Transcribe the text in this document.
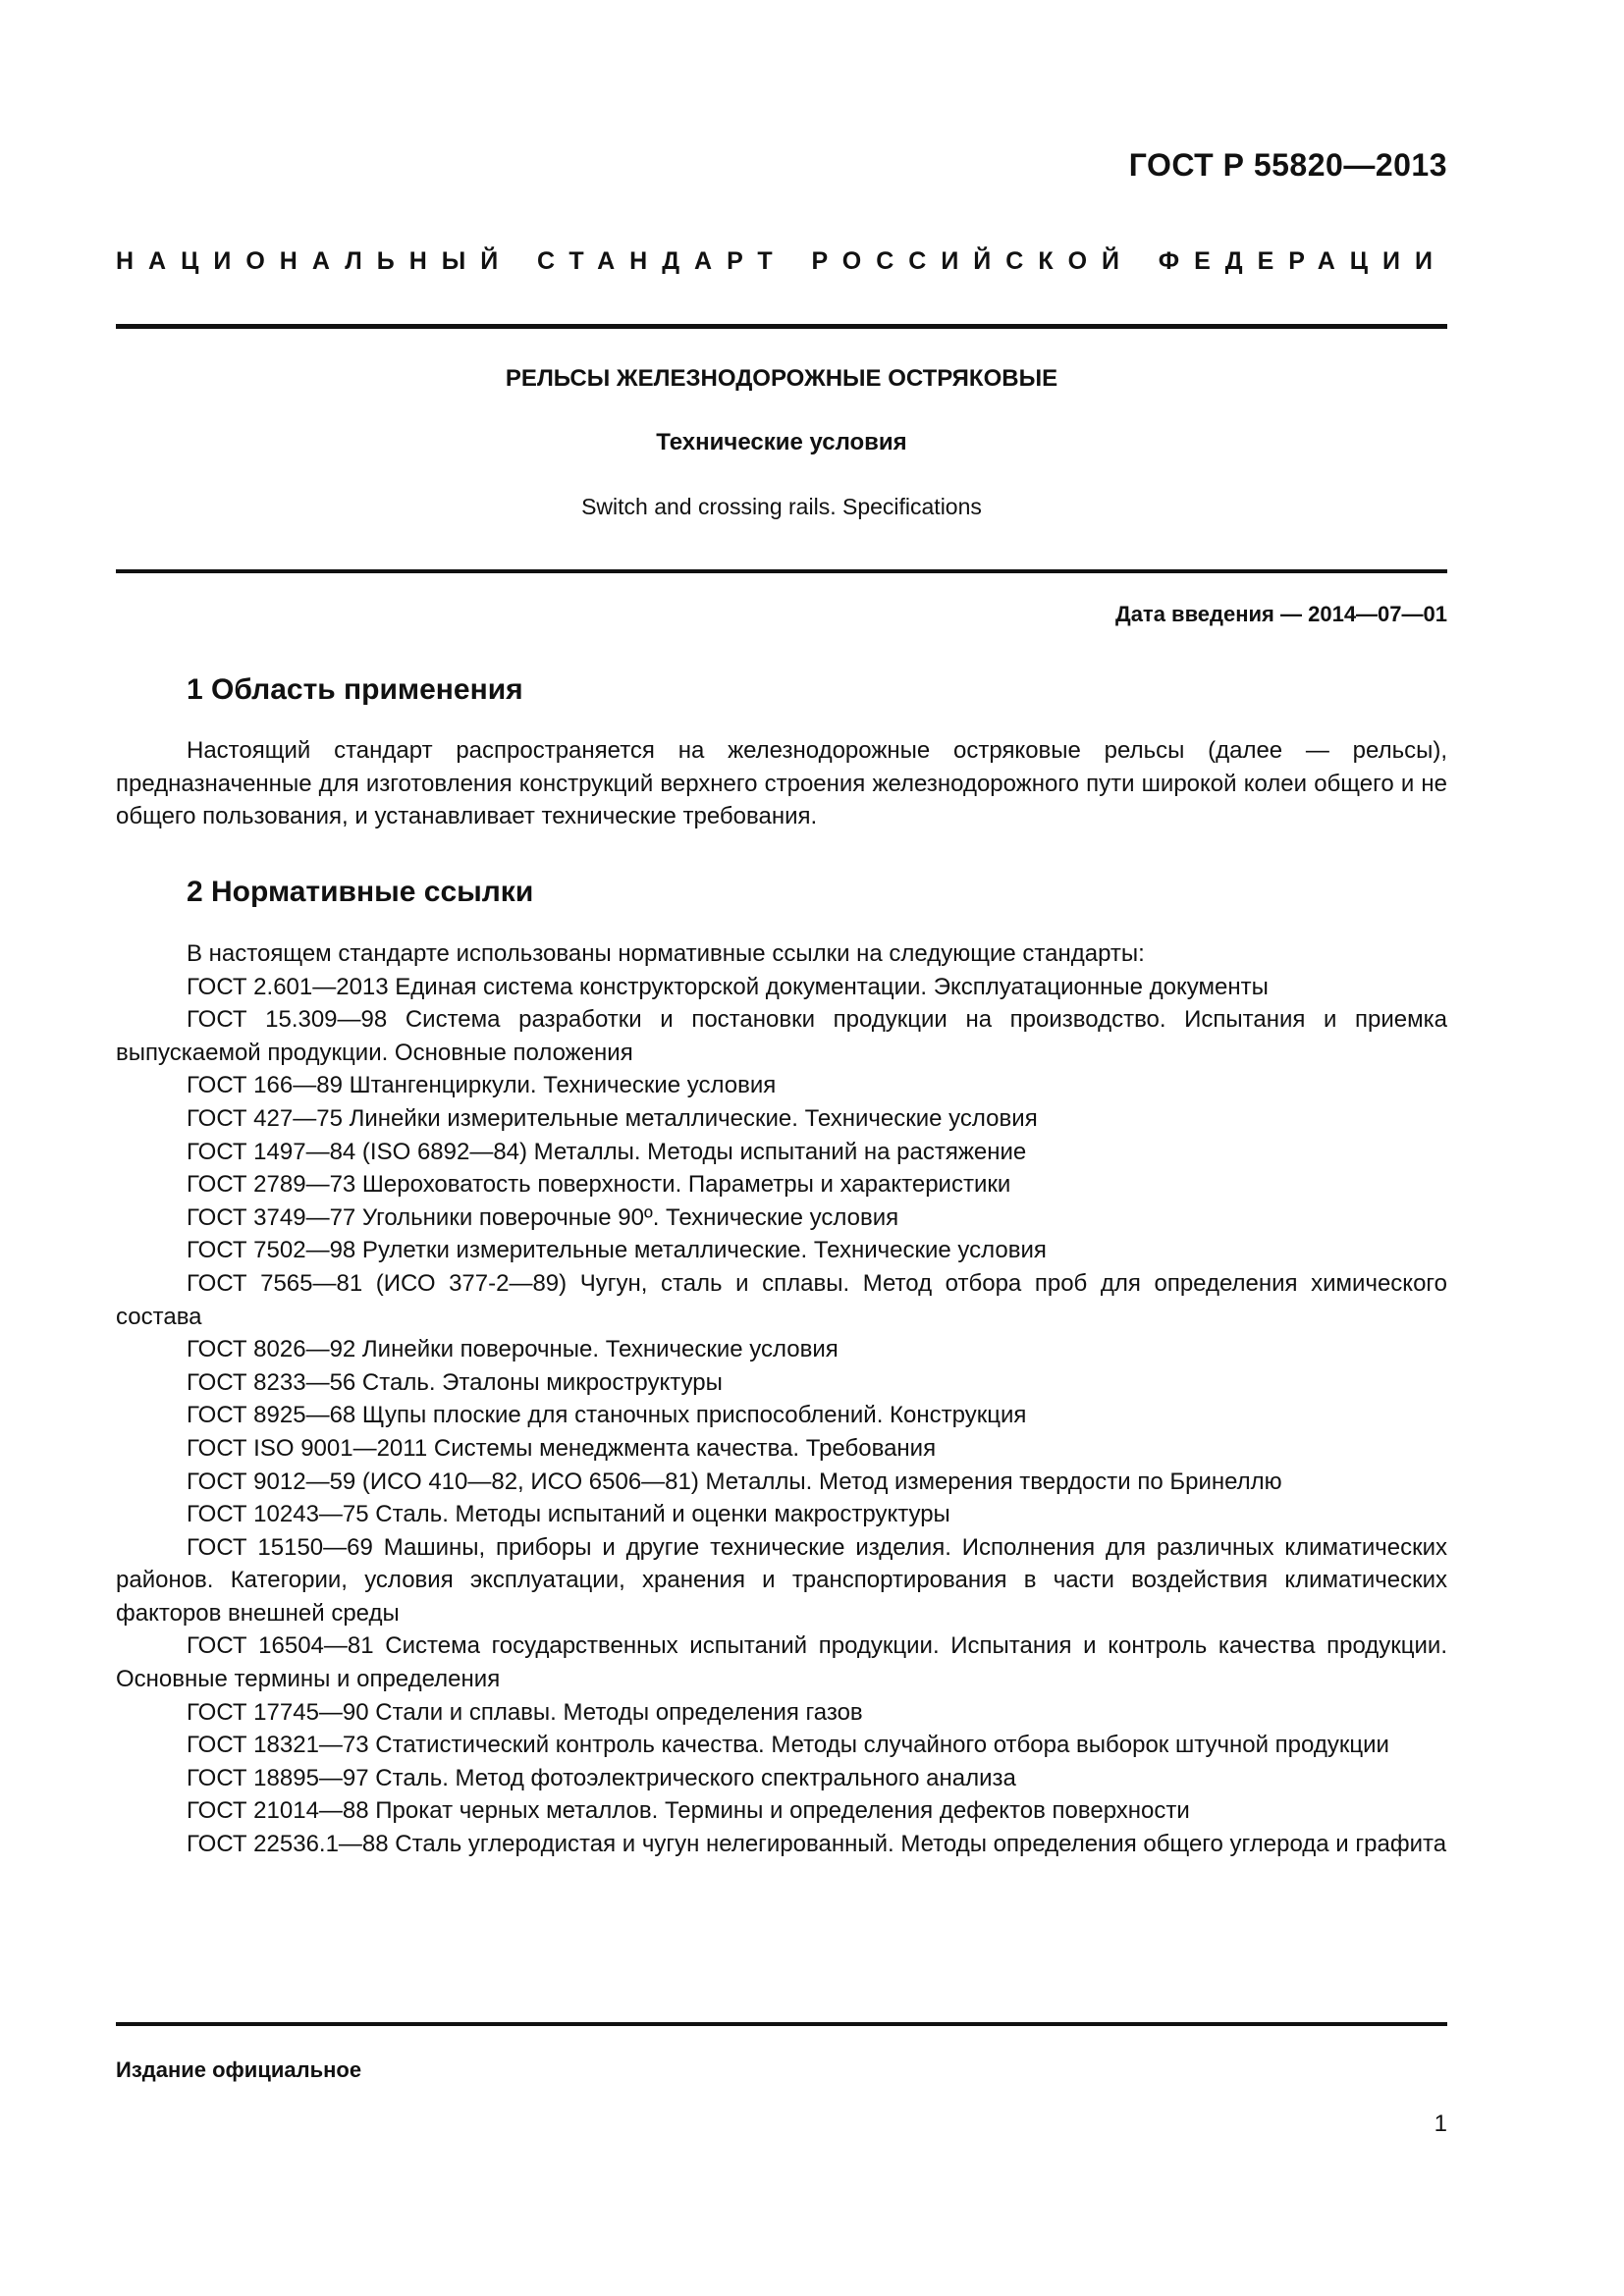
ГОСТ Р 55820—2013
НАЦИОНАЛЬНЫЙ СТАНДАРТ РОССИЙСКОЙ ФЕДЕРАЦИИ
РЕЛЬСЫ ЖЕЛЕЗНОДОРОЖНЫЕ ОСТРЯКОВЫЕ
Технические условия
Switch and crossing rails. Specifications
Дата введения — 2014—07—01
1 Область применения

Настоящий стандарт распространяется на железнодорожные остряковые рельсы (далее — рельсы), предназначенные для изготовления конструкций верхнего строения железнодорожного пути широкой колеи общего и не общего пользования, и устанавливает технические требования.

2 Нормативные ссылки

В настоящем стандарте использованы нормативные ссылки на следующие стандарты:

ГОСТ 2.601—2013 Единая система конструкторской документации. Эксплуатационные документы

ГОСТ 15.309—98 Система разработки и постановки продукции на производство. Испытания и приемка выпускаемой продукции. Основные положения

ГОСТ 166—89 Штангенциркули. Технические условия

ГОСТ 427—75 Линейки измерительные металлические. Технические условия

ГОСТ 1497—84 (ISO 6892—84) Металлы. Методы испытаний на растяжение

ГОСТ 2789—73 Шероховатость поверхности. Параметры и характеристики

ГОСТ 3749—77 Угольники поверочные 90º. Технические условия

ГОСТ 7502—98 Рулетки измерительные металлические. Технические условия

ГОСТ 7565—81 (ИСО 377-2—89) Чугун, сталь и сплавы. Метод отбора проб для определения химического состава

ГОСТ 8026—92 Линейки поверочные. Технические условия

ГОСТ 8233—56 Сталь. Эталоны микроструктуры

ГОСТ 8925—68 Щупы плоские для станочных приспособлений. Конструкция

ГОСТ ISO 9001—2011 Системы менеджмента качества. Требования

ГОСТ 9012—59 (ИСО 410—82, ИСО 6506—81) Металлы. Метод измерения твердости по Бринеллю

ГОСТ 10243—75 Сталь. Методы испытаний и оценки макроструктуры

ГОСТ 15150—69 Машины, приборы и другие технические изделия. Исполнения для различных климатических районов. Категории, условия эксплуатации, хранения и транспортирования в части воздействия климатических факторов внешней среды

ГОСТ 16504—81 Система государственных испытаний продукции. Испытания и контроль качества продукции. Основные термины и определения

ГОСТ 17745—90 Стали и сплавы. Методы определения газов

ГОСТ 18321—73 Статистический контроль качества. Методы случайного отбора выборок штучной продукции

ГОСТ 18895—97 Сталь. Метод фотоэлектрического спектрального анализа

ГОСТ 21014—88 Прокат черных металлов. Термины и определения дефектов поверхности

ГОСТ 22536.1—88 Сталь углеродистая и чугун нелегированный. Методы определения общего углерода и графита

Издание официальное
1
